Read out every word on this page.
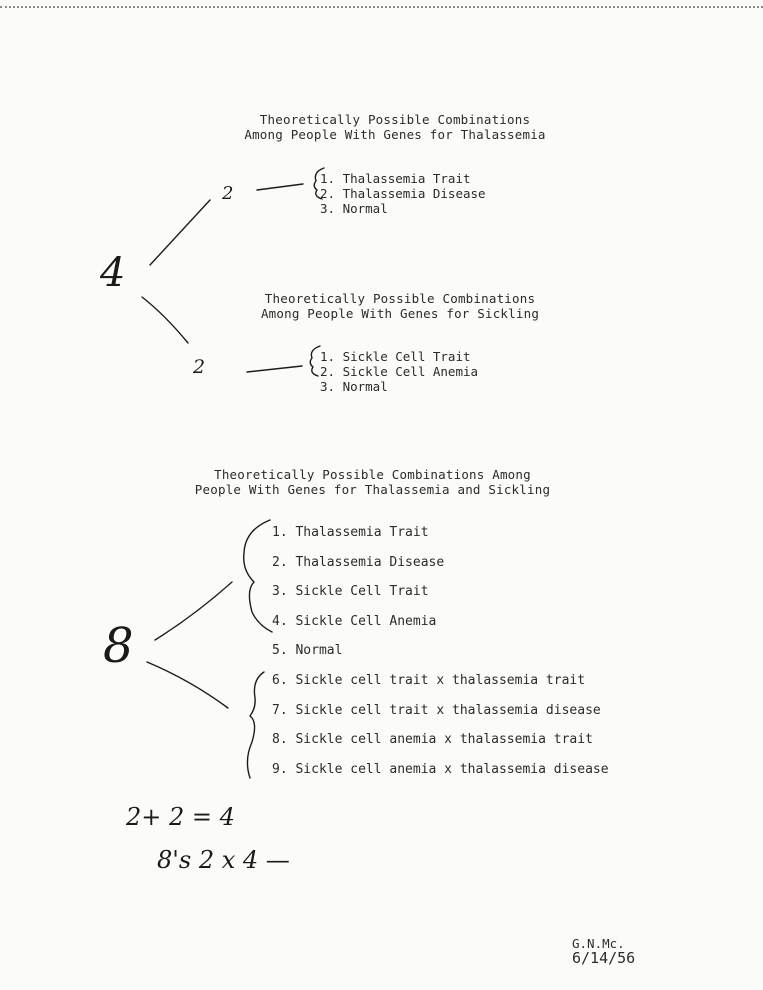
Theoretically Possible Combinations
Among People With Genes for Thalassemia
1. Thalassemia Trait
2. Thalassemia Disease
3. Normal
Theoretically Possible Combinations
Among People With Genes for Sickling
1. Sickle Cell Trait
2. Sickle Cell Anemia
3. Normal
Theoretically Possible Combinations Among
People With Genes for Thalassemia and Sickling
1. Thalassemia Trait
2. Thalassemia Disease
3. Sickle Cell Trait
4. Sickle Cell Anemia
5. Normal
6. Sickle cell trait x thalassemia trait
7. Sickle cell trait x thalassemia disease
8. Sickle cell anemia x thalassemia trait
9. Sickle cell anemia x thalassemia disease
4
2
2
8
2+ 2 = 4
8's 2 x 4 —
G.N.Mc.
6/14/56
